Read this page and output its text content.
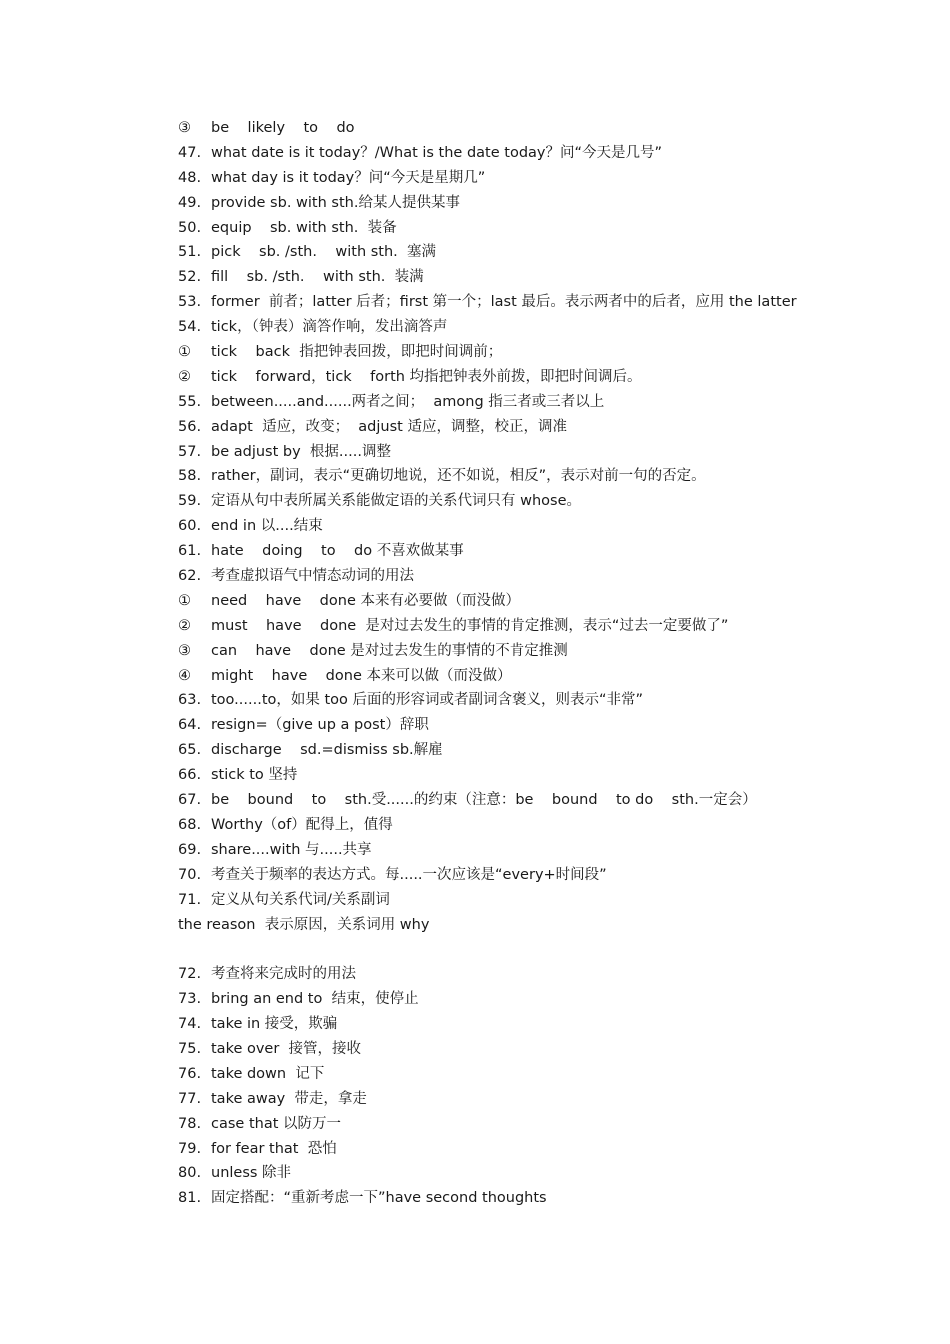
③ be    likely    to    do
47. what date is it today？/What is the date today？问“今天是几号”
48. what day is it today？问“今天是星期几”
49. provide sb. with sth.给某人提供某事
50. equip    sb. with sth.  装备
51. pick    sb. /sth.    with sth.  塞满
52. fill    sb. /sth.    with sth.  装满
53. former  前者；latter 后者；first 第一个；last 最后。表示两者中的后者，应用 the latter
54. tick，（钟表）滴答作响，发出滴答声
① tick    back  指把钟表回拨，即把时间调前；
② tick    forward，tick    forth 均指把钟表外前拨，即把时间调后。
55. between.....and......两者之间；  among 指三者或三者以上
56. adapt  适应，改变；  adjust 适应，调整，校正，调准
57. be adjust by  根据.....调整
58. rather，副词，表示“更确切地说，还不如说，相反”，表示对前一句的否定。
59. 定语从句中表所属关系能做定语的关系代词只有 whose。
60. end in 以....结束
61. hate    doing    to    do 不喜欢做某事
62. 考查虚拟语气中情态动词的用法
① need    have    done 本来有必要做（而没做）
② must    have    done  是对过去发生的事情的肯定推测，表示“过去一定要做了”
③ can    have    done 是对过去发生的事情的不肯定推测
④ might    have    done 本来可以做（而没做）
63. too......to，如果 too 后面的形容词或者副词含褒义，则表示“非常”
64. resign=（give up a post）辞职
65. discharge    sd.=dismiss sb.解雇
66. stick to 坚持
67. be    bound    to    sth.受......的约束（注意：be    bound    to do    sth.一定会）
68. Worthy（of）配得上，值得
69. share....with 与.....共享
70. 考查关于频率的表达方式。每.....一次应该是“every+时间段”
71. 定义从句关系代词/关系副词
the reason  表示原因，关系词用 why
72. 考查将来完成时的用法
73. bring an end to  结束，使停止
74. take in 接受，欺骗
75. take over  接管，接收
76. take down  记下
77. take away  带走，拿走
78. case that 以防万一
79. for fear that  恐怕
80. unless 除非
81. 固定搭配：“重新考虑一下”have second thoughts
